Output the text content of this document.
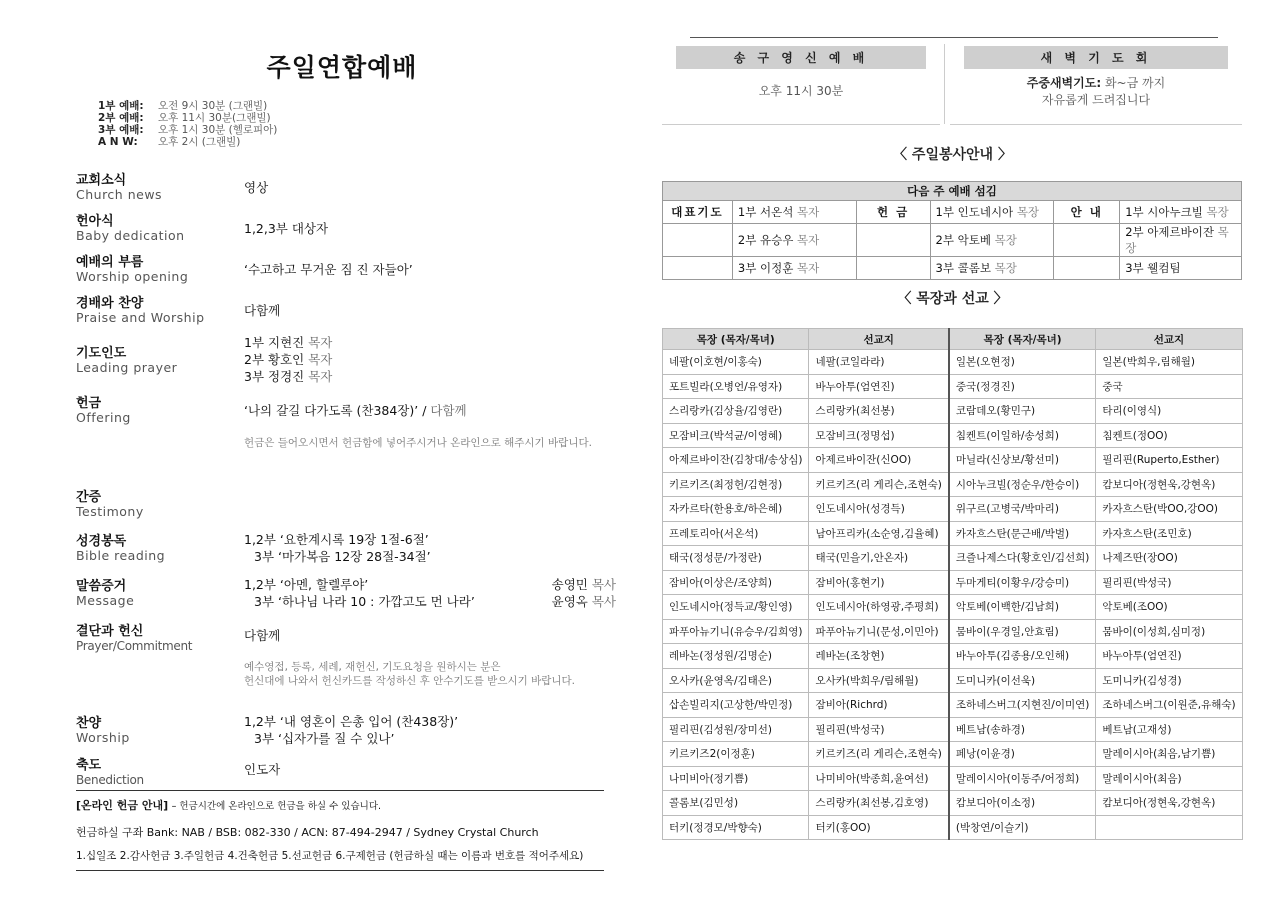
주일연합예배
1부 예배: 오전 9시 30분 (그랜빌)
2부 예배: 오후 11시 30분(그랜빌)
3부 예배: 오후 1시 30분 (헬로피아)
A N W: 오후 2시 (그랜빌)
교회소식
Church news	영상
헌아식
Baby dedication	1,2,3부 대상자
예배의 부름
Worship opening	‘수고하고 무거운 짐 진 자들아’
경배와 찬양
Praise and Worship	다함께
기도인도
Leading prayer
1부 지현진 목자
2부 황호인 목자
3부 정경진 목자
헌금
Offering	‘나의 갈길 다가도록 (찬384장)’ / 다함께
헌금은 들어오시면서 헌금함에 넣어주시거나 온라인으로 해주시기 바랍니다.
간증
Testimony
성경봉독
Bible reading
1,2부 ‘요한계시록 19장 1절-6절’
3부 ‘마가복음 12장 28절-34절’
말씀증거
Message
1,2부 ‘아멘, 할렐루야’
3부 ‘하나님 나라 10 : 가깝고도 먼 나라’
송영민 목사
윤영옥 목사
결단과 헌신
Prayer/Commitment
다함께
예수영접, 등록, 세례, 재헌신, 기도요청을 원하시는 분은
헌신대에 나와서 헌신카드를 작성하신 후 안수기도를 받으시기 바랍니다.
찬양
Worship
1,2부 ‘내 영혼이 은총 입어 (찬438장)’
3부 ‘십자가를 질 수 있나’
축도
Benediction
인도자
[온라인 헌금 안내] – 헌금시간에 온라인으로 헌금을 하실 수 있습니다.
헌금하실 구좌 Bank: NAB / BSB: 082-330 / ACN: 87-494-2947 / Sydney Crystal Church
1.십일조 2.감사헌금 3.주일헌금 4.건축헌금 5.선교헌금 6.구제헌금 (헌금하실 때는 이름과 번호를 적어주세요)
송 구 영 신 예 배
오후 11시 30분
새 벽 기 도 회
주중새벽기도: 화~금 까지
자유롭게 드려집니다
〈 주일봉사안내 〉
다음 주 예배 섬김					
대표기도	1부 서온석 목자	헌 금	1부 인도네시아 목장	안 내	1부 시아누크빌 목장
	2부 유승우 목자		2부 악토베 목장		2부 아제르바이잔 목장
	3부 이정훈 목자		3부 콜롬보 목장		3부 웰컴팀
〈 목장과 선교 〉
목장 (목자/목녀)	선교지	목장 (목자/목녀)	선교지
네팔(이호현/이홍숙)	네팔(코일라라)	일본(오현정)	일본(박희우,림해월)
포트빌라(오병언/유영자)	바누아투(엄연진)	중국(정경진)	중국
스리랑카(김상율/김영란)	스리랑카(최선봉)	코람데오(황민구)	타리(이영식)
모잠비크(박석균/이영혜)	모잠비크(정명섭)	침켄트(이일하/송성희)	침켄트(정OO)
아제르바이잔(김창대/송상심)	아제르바이잔(신OO)	마닐라(신상보/황선미)	필리핀(Ruperto,Esther)
키르키즈(최정헌/김현정)	키르키즈(리 게리슨,조현숙)	시아누크빌(정순우/한승이)	캄보디아(정현욱,강현옥)
자카르타(한용호/하은혜)	인도네시아(성경득)	위구르(고병국/박마리)	카자흐스탄(박OO,강OO)
프레토리아(서온석)	남아프리카(소순영,김율혜)	카자흐스탄(문근배/박벌)	카자흐스탄(조민호)
태국(정성문/가정란)	태국(민을기,안온자)	크즐나제스다(황호인/김선희)	나제즈딴(장OO)
잠비아(이상은/조양희)	잠비아(홍현기)	두마게티(이황우/강승미)	필리핀(박성국)
인도네시아(정득교/황인영)	인도네시아(하영광,주평희)	악토베(이백한/김남희)	악토베(조OO)
파푸아뉴기니(유승우/김희영)	파푸아뉴기니(문성,이민아)	뭄바이(우경일,안효림)	뭄바이(이성희,심미정)
레바논(정성원/김명순)	레바논(조창현)	바누아투(김종용/오인해)	바누아투(엄연진)
오사카(윤영옥/김태은)	오사카(박희우/림해월)	도미니카(이선욱)	도미니카(김성경)
삽손빌리지(고상한/박민정)	잠비아(Richrd)	조하네스버그(지현진/이미연)	조하네스버그(이원준,유해숙)
필리핀(김성원/장미선)	필리핀(박성국)	베트남(송하경)	베트남(고재성)
키르키즈2(이정훈)	키르키즈(리 게리슨,조현숙)	페낭(이윤경)	말레이시아(최음,남기쁨)
나미비아(정기쁨)	나미비아(박종희,윤여선)	말레이시아(이동주/어정희)	말레이시아(최음)
콜롬보(김민성)	스리랑카(최선봉,김호영)	캄보디아(이소정)	캄보디아(정현욱,강현옥)
터키(정경모/박향숙)	터키(홍OO)	(박창연/이슬기)	
